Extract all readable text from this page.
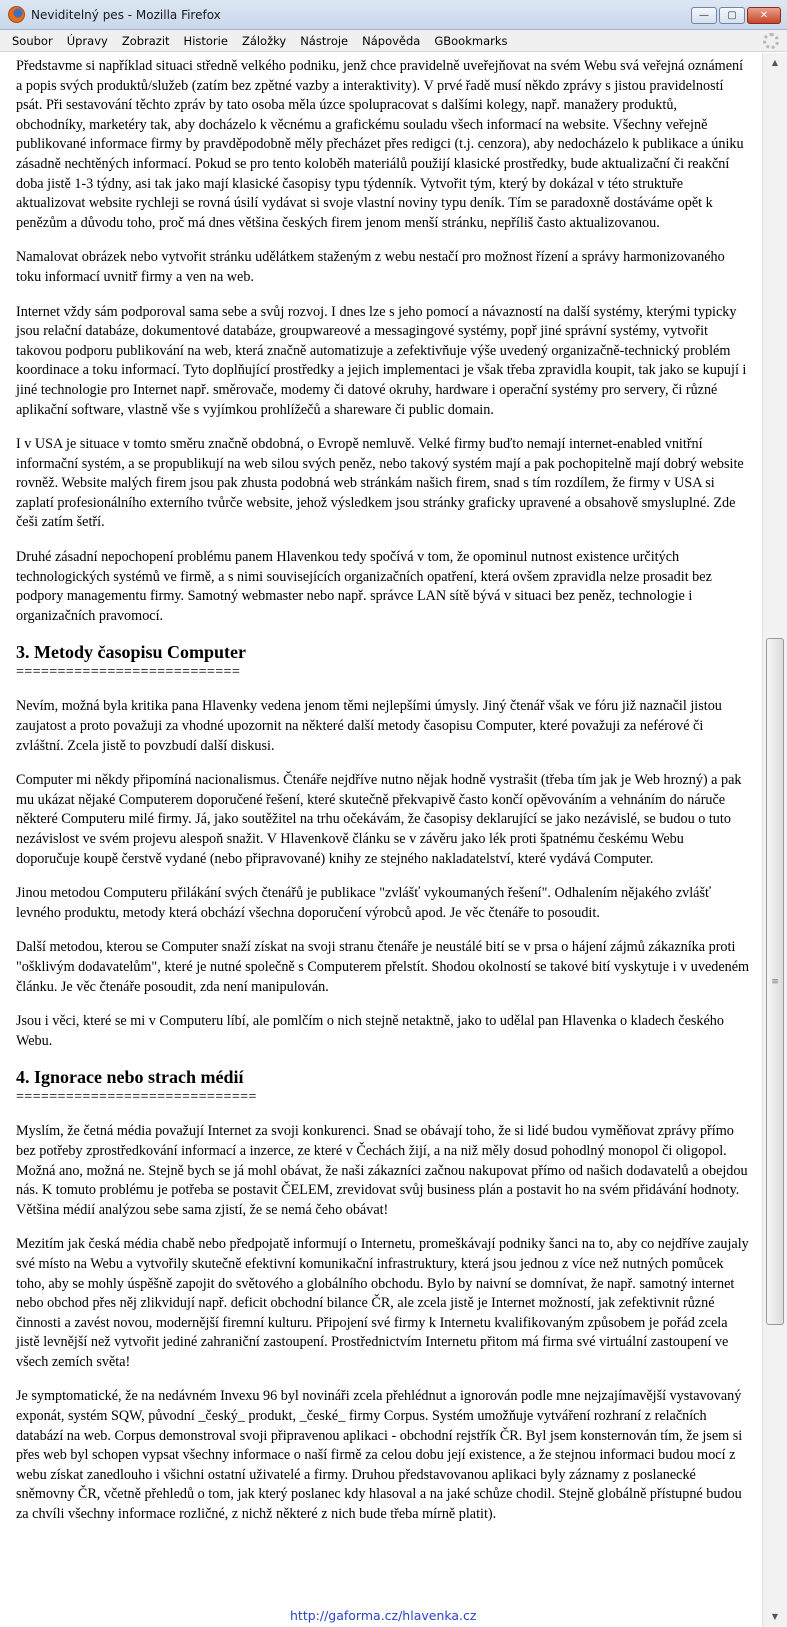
Neviditelný pes - Mozilla Firefox	—	▢	✕
Soubor	Úpravy	Zobrazit	Historie	Záložky	Nástroje	Nápověda	GBookmarks

Představme si například situaci středně velkého podniku, jenž chce pravidelně uveřejňovat na svém Webu svá veřejná oznámení a popis svých produktů/služeb (zatím bez zpětné vazby a interaktivity). V prvé řadě musí někdo zprávy s jistou pravidelností psát. Při sestavování těchto zpráv by tato osoba měla úzce spolupracovat s dalšími kolegy, např. manažery produktů, obchodníky, marketéry tak, aby docházelo k věcnému a grafickému souladu všech informací na website. Všechny veřejně publikované informace firmy by pravděpodobně měly přecházet přes redigci (t.j. cenzora), aby nedocházelo k publikace a úniku zásadně nechtěných informací. Pokud se pro tento koloběh materiálů použijí klasické prostředky, bude aktualizační či reakční doba jistě 1-3 týdny, asi tak jako mají klasické časopisy typu týdenník. Vytvořit tým, který by dokázal v této struktuře aktualizovat website rychleji se rovná úsilí vydávat si svoje vlastní noviny typu deník. Tím se paradoxně dostáváme opět k penězům a důvodu toho, proč má dnes většina českých firem jenom menší stránku, nepříliš často aktualizovanou.

Namalovat obrázek nebo vytvořit stránku udělátkem staženým z webu nestačí pro možnost řízení a správy harmonizovaného toku informací uvnitř firmy a ven na web.

Internet vždy sám podporoval sama sebe a svůj rozvoj. I dnes lze s jeho pomocí a návazností na další systémy, kterými typicky jsou relační databáze, dokumentové databáze, groupwareové a messagingové systémy, popř jiné správní systémy, vytvořit takovou podporu publikování na web, která značně automatizuje a zefektivňuje výše uvedený organizačně-technický problém koordinace a toku informací. Tyto doplňující prostředky a jejich implementaci je však třeba zpravidla koupit, tak jako se kupují i jiné technologie pro Internet např. směrovače, modemy či datové okruhy, hardware i operační systémy pro servery, či různé aplikační software, vlastně vše s vyjímkou prohlížečů a shareware či public domain.

I v USA je situace v tomto směru značně obdobná, o Evropě nemluvě. Velké firmy buďto nemají internet-enabled vnitřní informační systém, a se propublikují na web silou svých peněz, nebo takový systém mají a pak pochopitelně mají dobrý website rovněž. Website malých firem jsou pak zhusta podobná web stránkám našich firem, snad s tím rozdílem, že firmy v USA si zaplatí profesionálního externího tvůrče website, jehož výsledkem jsou stránky graficky upravené a obsahově smysluplné. Zde češi zatím šetří.

Druhé zásadní nepochopení problému panem Hlavenkou tedy spočívá v tom, že opominul nutnost existence určitých technologických systémů ve firmě, a s nimi souvisejících organizačních opatření, která ovšem zpravidla nelze prosadit bez podpory managementu firmy. Samotný webmaster nebo např. správce LAN sítě bývá v situaci bez peněz, technologie i organizačních pravomocí.

3. Metody časopisu Computer
===========================

Nevím, možná byla kritika pana Hlavenky vedena jenom těmi nejlepšími úmysly. Jiný čtenář však ve fóru již naznačil jistou zaujatost a proto považuji za vhodné upozornit na některé další metody časopisu Computer, které považuji za neférové či zvláštní. Zcela jistě to povzbudí další diskusi.

Computer mi někdy připomíná nacionalismus. Čtenáře nejdříve nutno nějak hodně vystrašit (třeba tím jak je Web hrozný) a pak mu ukázat nějaké Computerem doporučené řešení, které skutečně překvapivě často končí opěvováním a vehnáním do náruče některé Computeru milé firmy. Já, jako soutěžitel na trhu očekávám, že časopisy deklarující se jako nezávislé, se budou o tuto nezávislost ve svém projevu alespoň snažit. V Hlavenkově článku se v závěru jako lék proti špatnému českému Webu doporučuje koupě čerstvě vydané (nebo připravované) knihy ze stejného nakladatelství, které vydává Computer.

Jinou metodou Computeru přilákání svých čtenářů je publikace "zvlášť vykoumaných řešení". Odhalením nějakého zvlášť levného produktu, metody která obchází všechna doporučení výrobců apod. Je věc čtenáře to posoudit.

Další metodou, kterou se Computer snaží získat na svoji stranu čtenáře je neustálé bití se v prsa o hájení zájmů zákazníka proti "ošklivým dodavatelům", které je nutné společně s Computerem přelstít. Shodou okolností se takové bití vyskytuje i v uvedeném článku. Je věc čtenáře posoudit, zda není manipulován.

Jsou i věci, které se mi v Computeru líbí, ale pomlčím o nich stejně netaktně, jako to udělal pan Hlavenka o kladech českého Webu.

4. Ignorace nebo strach médií
=============================

Myslím, že četná média považují Internet za svoji konkurenci. Snad se obávají toho, že si lidé budou vyměňovat zprávy přímo bez potřeby zprostředkování informací a inzerce, ze které v Čechách žijí, a na niž měly dosud pohodlný monopol či oligopol. Možná ano, možná ne. Stejně bych se já mohl obávat, že naši zákazníci začnou nakupovat přímo od našich dodavatelů a obejdou nás. K tomuto problému je potřeba se postavit ČELEM, zrevidovat svůj business plán a postavit ho na svém přidávání hodnoty. Většina médií analýzou sebe sama zjistí, že se nemá čeho obávat!

Mezitím jak česká média chabě nebo předpojatě informují o Internetu, promeškávají podniky šanci na to, aby co nejdříve zaujaly své místo na Webu a vytvořily skutečně efektivní komunikační infrastruktury, která jsou jednou z více než nutných pomůcek toho, aby se mohly úspěšně zapojit do světového a globálního obchodu. Bylo by naivní se domnívat, že např. samotný internet nebo obchod přes něj zlikvidují např. deficit obchodní bilance ČR, ale zcela jistě je Internet možností, jak zefektivnit různé činnosti a zavést novou, modernější firemní kulturu. Připojení své firmy k Internetu kvalifikovaným způsobem je pořád zcela jistě levnější než vytvořit jediné zahraniční zastoupení. Prostřednictvím Internetu přitom má firma své virtuální zastoupení ve všech zemích světa!

Je symptomatické, že na nedávném Invexu 96 byl novináři zcela přehlédnut a ignorován podle mne nejzajímavější vystavovaný exponát, systém SQW, původní _český_ produkt, _české_ firmy Corpus. Systém umožňuje vytváření rozhraní z relačních databází na web. Corpus demonstroval svoji připravenou aplikaci - obchodní rejstřík ČR. Byl jsem konsternován tím, že jsem si přes web byl schopen vypsat všechny informace o naší firmě za celou dobu její existence, a že stejnou informaci budou mocí z webu získat zanedlouho i všichni ostatní uživatelé a firmy. Druhou představovanou aplikaci byly záznamy z poslanecké sněmovny ČR, včetně přehledů o tom, jak který poslanec kdy hlasoval a na jaké schůze chodil. Stejně globálně přístupné budou za chvíli všechny informace rozličné, z nichž některé z nich bude třeba mírně platit).

▲
≡
▼
http://gaforma.cz/hlavenka.cz
